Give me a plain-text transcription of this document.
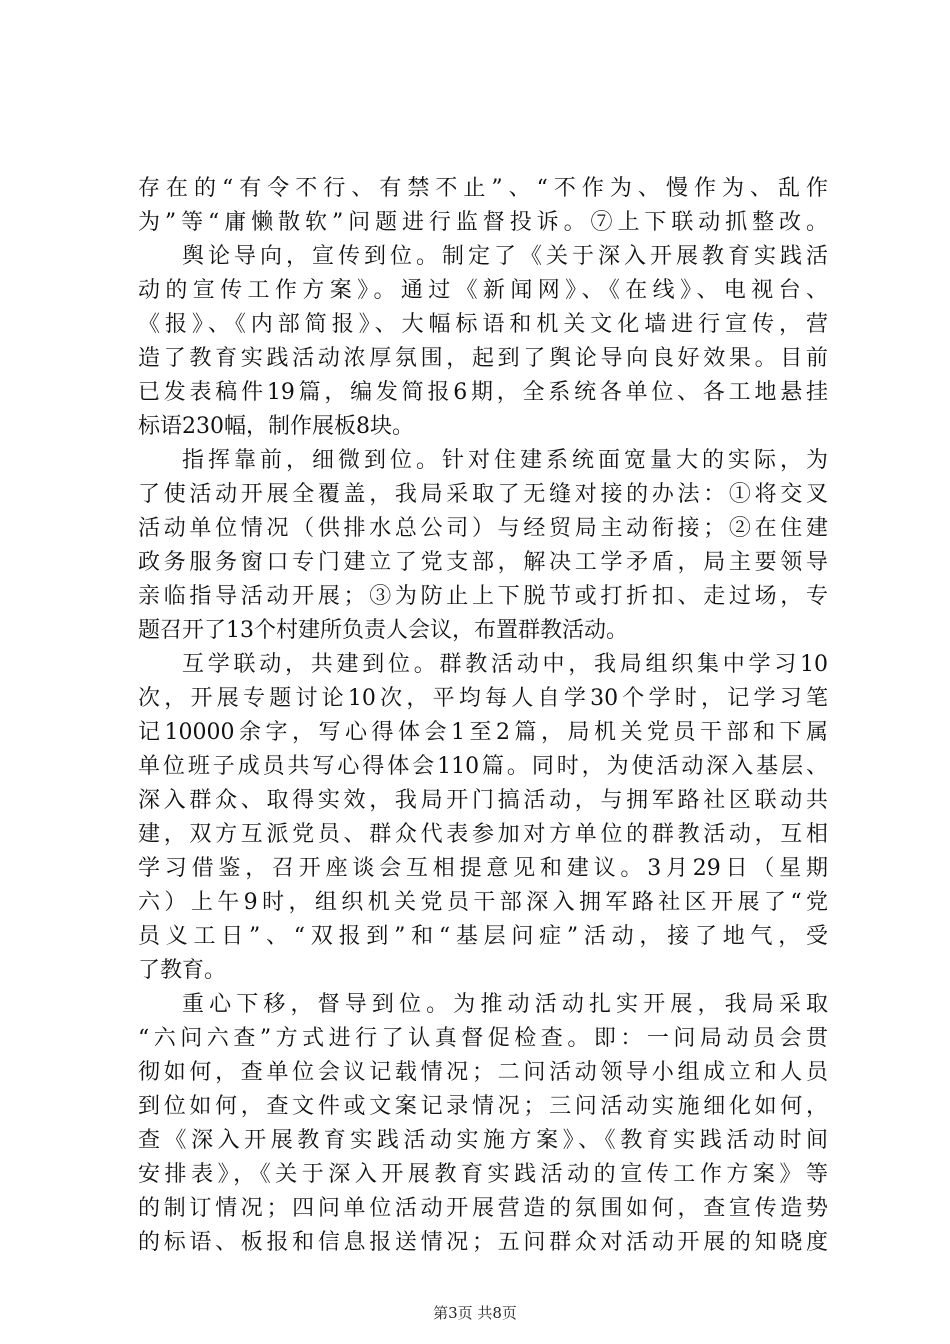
存在的“有令不行、有禁不止”、“不作为、慢作为、乱作
为”等“庸懒散软”问题进行监督投诉。⑦上下联动抓整改。
舆论导向，宣传到位。制定了《关于深入开展教育实践活
动的宣传工作方案》。通过《新闻网》、《在线》、电视台、
《报》、《内部简报》、大幅标语和机关文化墙进行宣传，营
造了教育实践活动浓厚氛围，起到了舆论导向良好效果。目前
已发表稿件19篇，编发简报6期，全系统各单位、各工地悬挂
标语230幅，制作展板8块。
指挥靠前，细微到位。针对住建系统面宽量大的实际，为
了使活动开展全覆盖，我局采取了无缝对接的办法：①将交叉
活动单位情况（供排水总公司）与经贸局主动衔接；②在住建
政务服务窗口专门建立了党支部，解决工学矛盾，局主要领导
亲临指导活动开展；③为防止上下脱节或打折扣、走过场，专
题召开了13个村建所负责人会议，布置群教活动。
互学联动，共建到位。群教活动中，我局组织集中学习10
次，开展专题讨论10次，平均每人自学30个学时，记学习笔
记10000余字，写心得体会1至2篇，局机关党员干部和下属
单位班子成员共写心得体会110篇。同时，为使活动深入基层、
深入群众、取得实效，我局开门搞活动，与拥军路社区联动共
建，双方互派党员、群众代表参加对方单位的群教活动，互相
学习借鉴，召开座谈会互相提意见和建议。3月29日（星期
六）上午9时，组织机关党员干部深入拥军路社区开展了“党
员义工日”、“双报到”和“基层问症”活动，接了地气，受
了教育。
重心下移，督导到位。为推动活动扎实开展，我局采取
“六问六查”方式进行了认真督促检查。即：一问局动员会贯
彻如何，查单位会议记载情况；二问活动领导小组成立和人员
到位如何，查文件或文案记录情况；三问活动实施细化如何，
查《深入开展教育实践活动实施方案》、《教育实践活动时间
安排表》，《关于深入开展教育实践活动的宣传工作方案》等
的制订情况；四问单位活动开展营造的氛围如何，查宣传造势
的标语、板报和信息报送情况；五问群众对活动开展的知晓度
第3页 共8页
